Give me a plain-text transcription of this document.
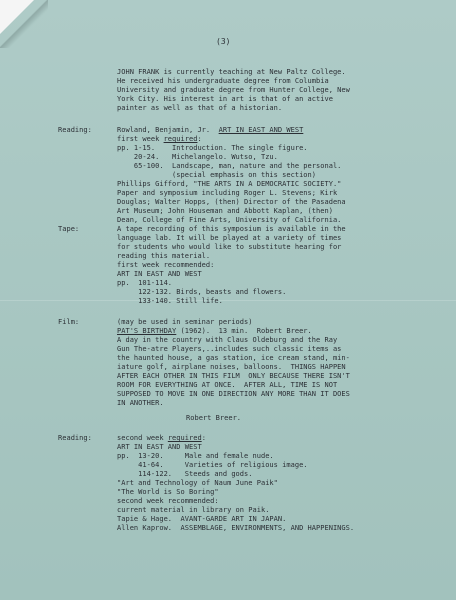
(3)
JOHN FRANK is currently teaching at New Paltz College.
He received his undergraduate degree from Columbia
University and graduate degree from Hunter College, New
York City. His interest in art is that of an active
painter as well as that of a historian.
Reading:	Rowland, Benjamin, Jr. ART IN EAST AND WEST
first week required:
pp. 1-15.    Introduction. The single figure.
20-24.   Michelangelo. Wutso, Tzu.
65-100.  Landscape, man, nature and the personal.
(special emphasis on this section)
Phillips Gifford, "THE ARTS IN A DEMOCRATIC SOCIETY."
Paper and symposium including Roger L. Stevens; Kirk
Douglas; Walter Hopps, (then) Director of the Pasadena
Art Museum; John Houseman and Abbott Kaplan, (then)
Dean, College of Fine Arts, University of California.
Tape:	A tape recording of this symposium is available in the
language lab. It will be played at a variety of times
for students who would like to substitute hearing for
reading this material.
first week recommended:
ART IN EAST AND WEST
pp.  101-114.
122-132. Birds, beasts and flowers.
133-140. Still life.
Film:	(may be used in seminar periods)
PAT'S BIRTHDAY (1962).  13 min.  Robert Breer.
A day in the country with Claus Oldeburg and the Ray
Gun The-atre Players,..includes such classic items as
the haunted house, a gas station, ice cream stand, min-
iature golf, airplane noises, balloons.  THINGS HAPPEN
AFTER EACH OTHER IN THIS FILM  ONLY BECAUSE THERE ISN'T
ROOM FOR EVERYTHING AT ONCE.  AFTER ALL, TIME IS NOT
SUPPOSED TO MOVE IN ONE DIRECTION ANY MORE THAN IT DOES
IN ANOTHER.
Robert Breer.
Reading:	second week required:
ART IN EAST AND WEST
pp.  13-20.     Male and female nude.
41-64.     Varieties of religious image.
114-122.   Steeds and gods.
"Art and Technology of Naum June Paik"
"The World is So Boring"
second week recommended:
current material in library on Paik.
Tapie & Hage.  AVANT-GARDE ART IN JAPAN.
Allen Kaprow.  ASSEMBLAGE, ENVIRONMENTS, AND HAPPENINGS.
